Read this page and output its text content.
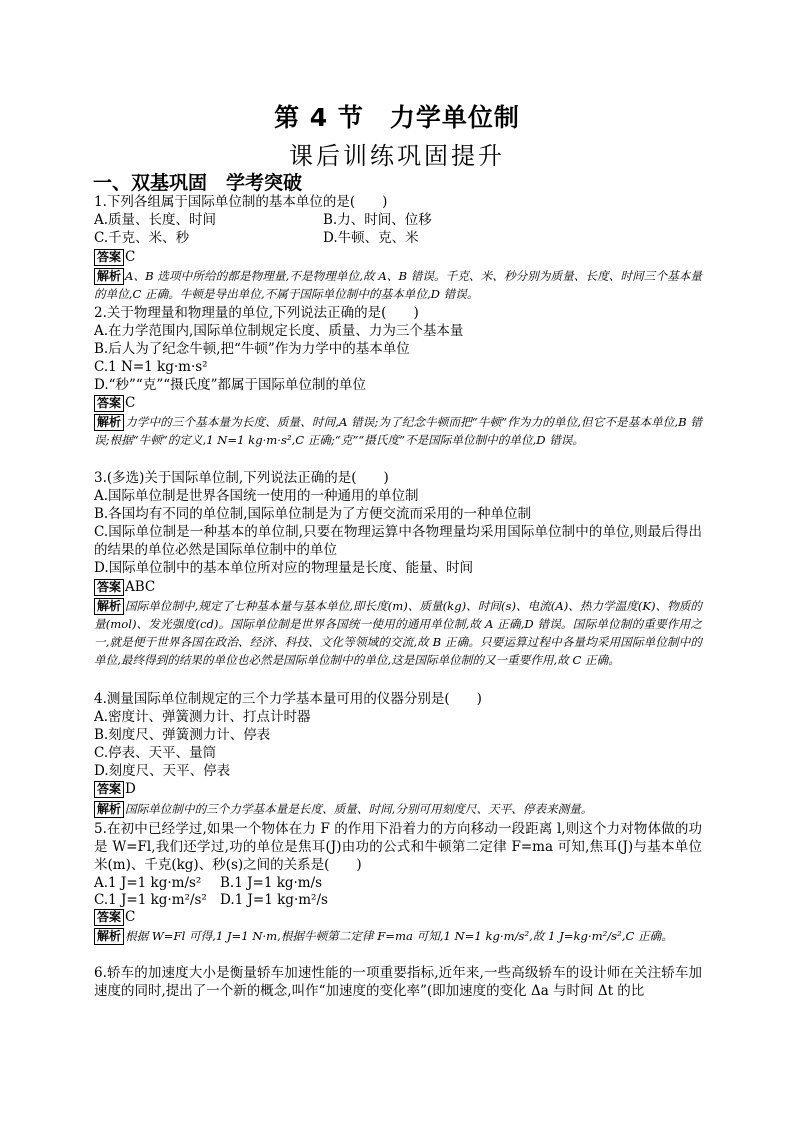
第 4 节　力学单位制
课后训练巩固提升
一、双基巩固　学考突破
1.下列各组属于国际单位制的基本单位的是(　　)
A.质量、长度、时间	B.力、时间、位移
C.千克、米、秒	D.牛顿、克、米
答案 C
解析 A、B 选项中所给的都是物理量,不是物理单位,故 A、B 错误。千克、米、秒分别为质量、长度、时间三个基本量的单位,C 正确。牛顿是导出单位,不属于国际单位制中的基本单位,D 错误。
2.关于物理量和物理量的单位,下列说法正确的是(　　)
A.在力学范围内,国际单位制规定长度、质量、力为三个基本量
B.后人为了纪念牛顿,把“牛顿”作为力学中的基本单位
C.1 N=1 kg·m·s²
D.“秒”“克”“摄氏度”都属于国际单位制的单位
答案 C
解析 力学中的三个基本量为长度、质量、时间,A 错误;为了纪念牛顿而把“牛顿”作为力的单位,但它不是基本单位,B 错误;根据“牛顿”的定义,1 N=1 kg·m·s²,C 正确;“克”“摄氏度”不是国际单位制中的单位,D 错误。
3.(多选)关于国际单位制,下列说法正确的是(　　)
A.国际单位制是世界各国统一使用的一种通用的单位制
B.各国均有不同的单位制,国际单位制是为了方便交流而采用的一种单位制
C.国际单位制是一种基本的单位制,只要在物理运算中各物理量均采用国际单位制中的单位,则最后得出的结果的单位必然是国际单位制中的单位
D.国际单位制中的基本单位所对应的物理量是长度、能量、时间
答案 ABC
解析 国际单位制中,规定了七种基本量与基本单位,即长度(m)、质量(kg)、时间(s)、电流(A)、热力学温度(K)、物质的量(mol)、发光强度(cd)。国际单位制是世界各国统一使用的通用单位制,故 A 正确,D 错误。国际单位制的重要作用之一,就是便于世界各国在政治、经济、科技、文化等领域的交流,故 B 正确。只要运算过程中各量均采用国际单位制中的单位,最终得到的结果的单位也必然是国际单位制中的单位,这是国际单位制的又一重要作用,故 C 正确。
4.测量国际单位制规定的三个力学基本量可用的仪器分别是(　　)
A.密度计、弹簧测力计、打点计时器
B.刻度尺、弹簧测力计、停表
C.停表、天平、量筒
D.刻度尺、天平、停表
答案 D
解析 国际单位制中的三个力学基本量是长度、质量、时间,分别可用刻度尺、天平、停表来测量。
5.在初中已经学过,如果一个物体在力 F 的作用下沿着力的方向移动一段距离 l,则这个力对物体做的功是 W=Fl,我们还学过,功的单位是焦耳(J)由功的公式和牛顿第二定律 F=ma 可知,焦耳(J)与基本单位米(m)、千克(kg)、秒(s)之间的关系是(　　)
A.1 J=1 kg·m/s² B.1 J=1 kg·m/s
C.1 J=1 kg·m²/s² D.1 J=1 kg·m²/s
答案 C
解析 根据 W=Fl 可得,1 J=1 N·m,根据牛顿第二定律 F=ma 可知,1 N=1 kg·m/s²,故 1 J=kg·m²/s²,C 正确。
6.轿车的加速度大小是衡量轿车加速性能的一项重要指标,近年来,一些高级轿车的设计师在关注轿车加速度的同时,提出了一个新的概念,叫作“加速度的变化率”(即加速度的变化 Δa 与时间 Δt 的比
